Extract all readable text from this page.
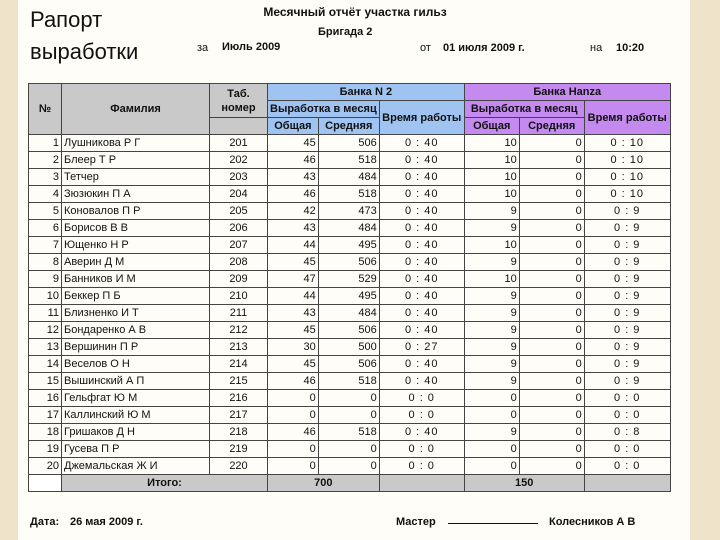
Рапорт
выработки
Месячный отчёт участка гильз
Бригада 2
за Июль 2009	от 01 июля 2009 г.	на 10:20
№	Фамилия	Таб. номер	Банка N 2			Банка Hanza		
			Выработка в месяц		Время работы	Выработка в месяц		Время работы
			Общая	Средняя		Общая	Средняя	
1	Лушникова Р Г	201	45	506	0 : 40	10	0	0 : 10
2	Блеер Т Р	202	46	518	0 : 40	10	0	0 : 10
3	Тетчер	203	43	484	0 : 40	10	0	0 : 10
4	Зюзюкин П А	204	46	518	0 : 40	10	0	0 : 10
5	Коновалов П Р	205	42	473	0 : 40	9	0	0 : 9
6	Борисов В В	206	43	484	0 : 40	9	0	0 : 9
7	Ющенко Н Р	207	44	495	0 : 40	10	0	0 : 9
8	Аверин Д М	208	45	506	0 : 40	9	0	0 : 9
9	Банников И М	209	47	529	0 : 40	10	0	0 : 9
10	Беккер П Б	210	44	495	0 : 40	9	0	0 : 9
11	Близненко И Т	211	43	484	0 : 40	9	0	0 : 9
12	Бондаренко А В	212	45	506	0 : 40	9	0	0 : 9
13	Вершинин П Р	213	30	500	0 : 27	9	0	0 : 9
14	Веселов О Н	214	45	506	0 : 40	9	0	0 : 9
15	Вышинский А П	215	46	518	0 : 40	9	0	0 : 9
16	Гельфгат Ю М	216	0	0	0 : 0	0	0	0 : 0
17	Каллинский Ю М	217	0	0	0 : 0	0	0	0 : 0
18	Гришаков Д Н	218	46	518	0 : 40	9	0	0 : 8
19	Гусева П Р	219	0	0	0 : 0	0	0	0 : 0
20	Джемальская Ж И	220	0	0	0 : 0	0	0	0 : 0
	Итого:		700			150		
Дата: 26 мая 2009 г.	Мастер	Колесников А В
